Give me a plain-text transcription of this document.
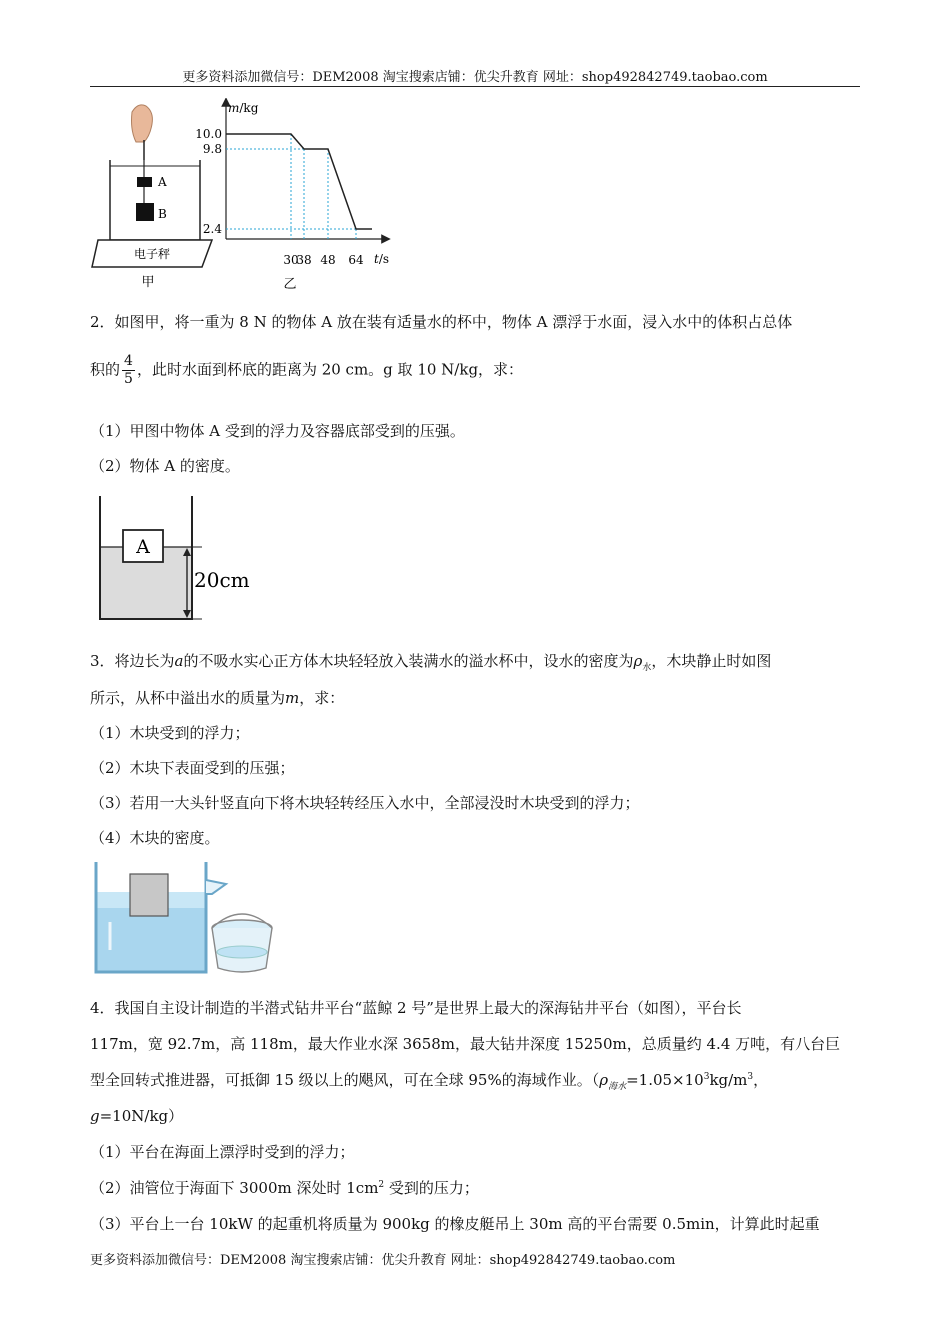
更多资料添加微信号：DEM2008 淘宝搜索店铺：优尖升教育 网址：shop492842749.taobao.com
A
B
电子秤
甲
m/kg
t/s
10.0
9.8
2.4
30
38 48 64
乙
2．如图甲，将一重为 8 N 的物体 A 放在装有适量水的杯中，物体 A 漂浮于水面，浸入水中的体积占总体
积的 $\frac{4}{5}$ ，此时水面到杯底的距离为 20 cm。g 取 10 N/kg，求：
（1）甲图中物体 A 受到的浮力及容器底部受到的压强。
（2）物体 A 的密度。
A
20cm
3．将边长为a的不吸水实心正方体木块轻轻放入装满水的溢水杯中，设水的密度为$\rho_水$，木块静止时如图
所示，从杯中溢出水的质量为m，求：
（1）木块受到的浮力；
（2）木块下表面受到的压强；
（3）若用一大头针竖直向下将木块轻转经压入水中，全部浸没时木块受到的浮力；
（4）木块的密度。
4．我国自主设计制造的半潜式钻井平台“蓝鲸 2 号”是世界上最大的深海钻井平台（如图），平台长
117m，宽 92.7m，高 118m，最大作业水深 3658m，最大钻井深度 15250m，总质量约 4.4 万吨，有八台巨
型全回转式推进器，可抵御 15 级以上的飓风，可在全球 95%的海域作业。（$\rho_{海水}=1.05\times 10^3kg/m^3$，
g=10N/kg）
（1）平台在海面上漂浮时受到的浮力；
（2）油管位于海面下 3000m 深处时 $1cm^2$ 受到的压力；
（3）平台上一台 10kW 的起重机将质量为 900kg 的橡皮艇吊上 30m 高的平台需要 0.5min，计算此时起重
更多资料添加微信号：DEM2008 淘宝搜索店铺：优尖升教育 网址：shop492842749.taobao.com
